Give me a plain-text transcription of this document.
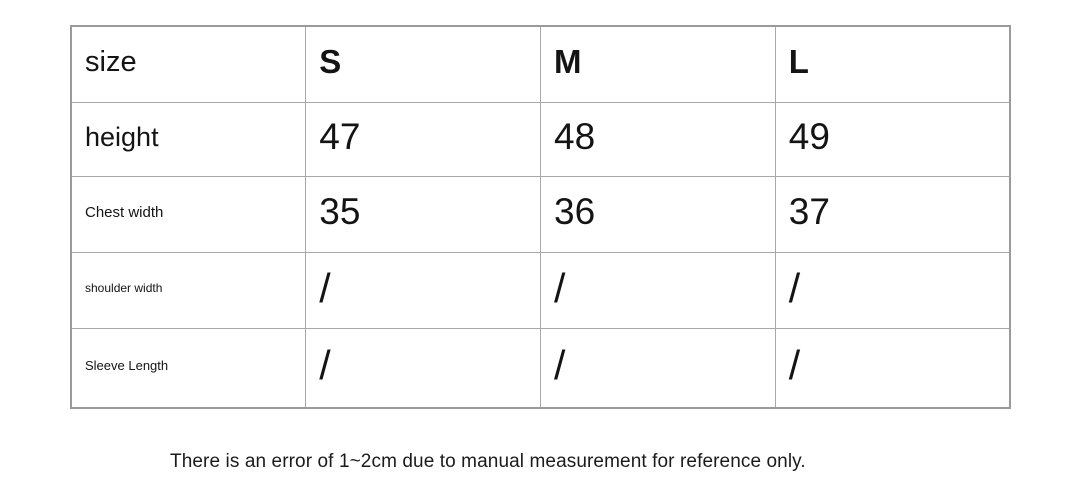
size	S	M	L
height	47	48	49
Chest width	35	36	37
shoulder width	/	/	/
Sleeve Length	/	/	/
There is an error of 1~2cm due to manual measurement for reference only.
